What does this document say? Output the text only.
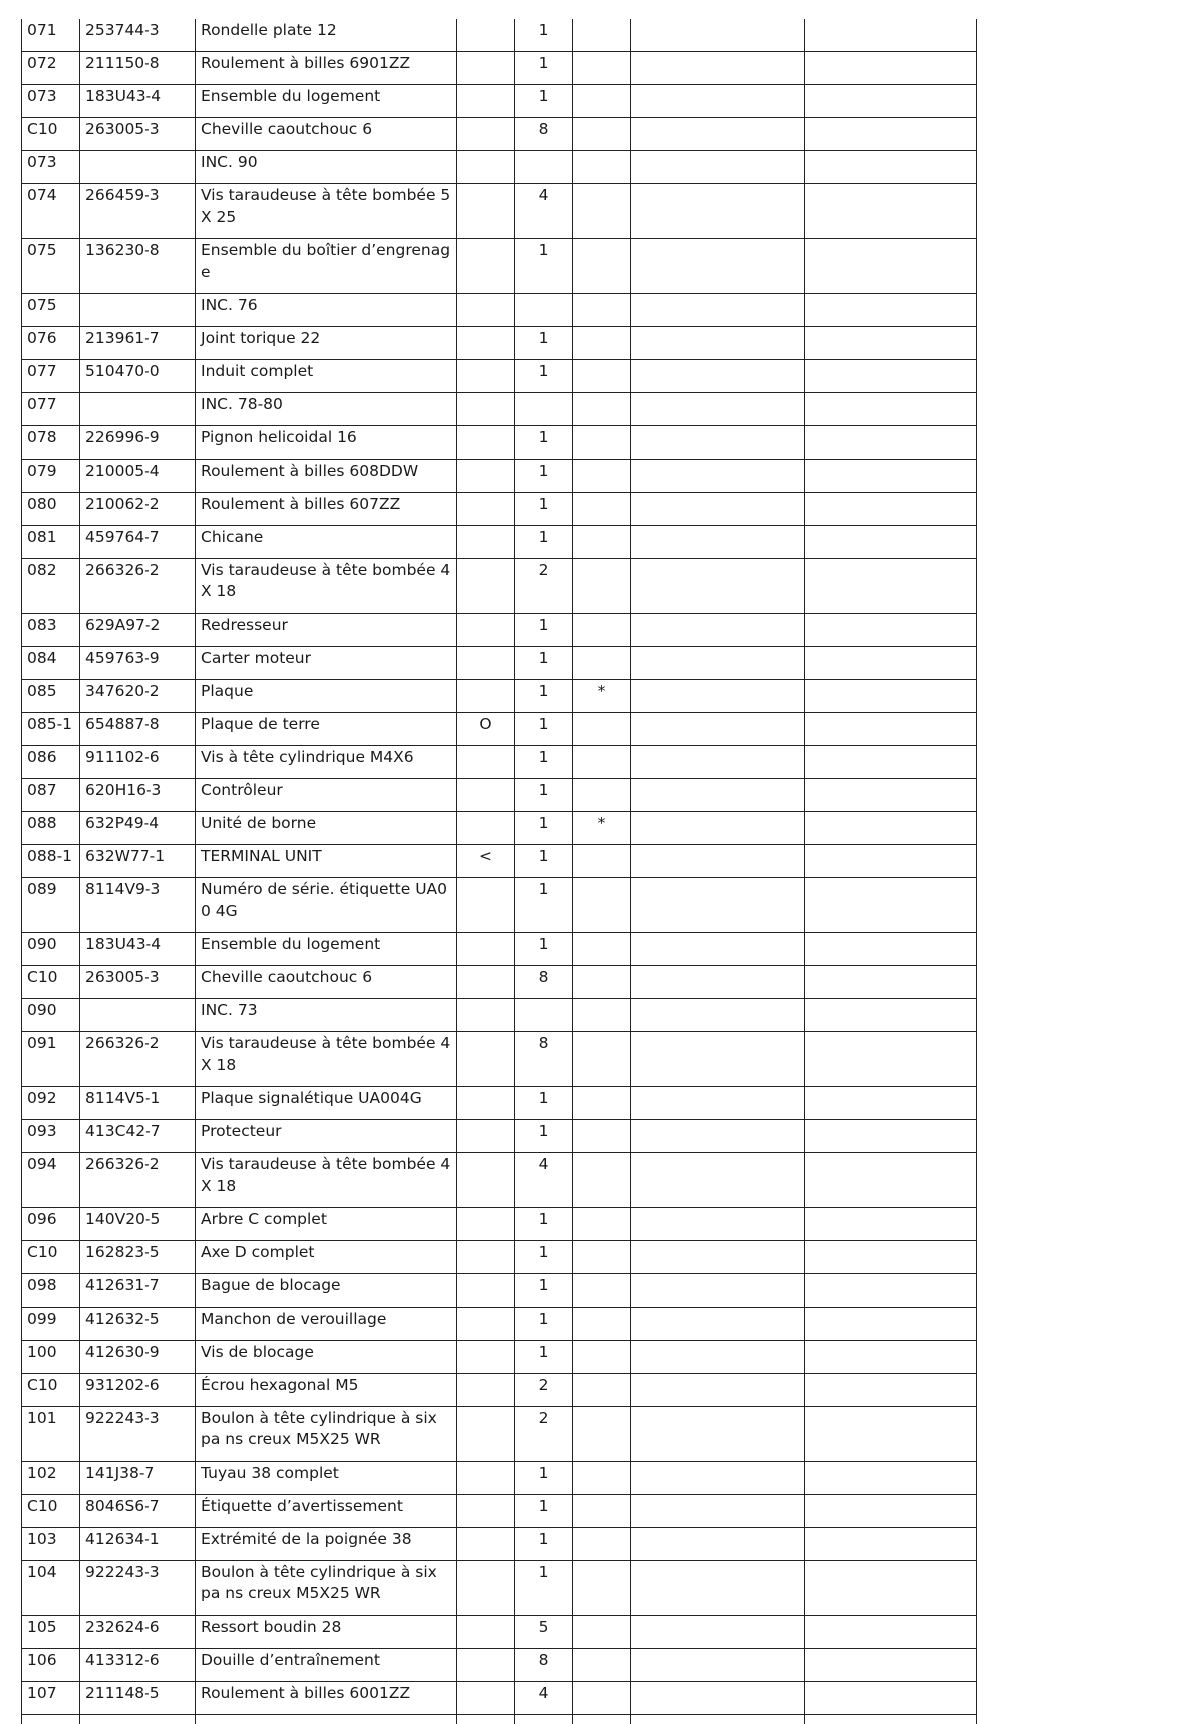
071	253744-3	Rondelle plate 12		1			
072	211150-8	Roulement à billes 6901ZZ		1			
073	183U43-4	Ensemble du logement		1			
C10	263005-3	Cheville caoutchouc 6		8			
073		INC. 90					
074	266459-3	Vis taraudeuse à tête bombée 5X 25		4			
075	136230-8	Ensemble du boîtier d’engrenag e		1			
075		INC. 76					
076	213961-7	Joint torique 22		1			
077	510470-0	Induit complet		1			
077		INC. 78-80					
078	226996-9	Pignon helicoidal 16		1			
079	210005-4	Roulement à billes 608DDW		1			
080	210062-2	Roulement à billes 607ZZ		1			
081	459764-7	Chicane		1			
082	266326-2	Vis taraudeuse à tête bombée 4X 18		2			
083	629A97-2	Redresseur		1			
084	459763-9	Carter moteur		1			
085	347620-2	Plaque		1	*		
085-1	654887-8	Plaque de terre	O	1			
086	911102-6	Vis à tête cylindrique M4X6		1			
087	620H16-3	Contrôleur		1			
088	632P49-4	Unité de borne		1	*		
088-1	632W77-1	TERMINAL UNIT	<	1			
089	8114V9-3	Numéro de série. étiquette UA00 4G		1			
090	183U43-4	Ensemble du logement		1			
C10	263005-3	Cheville caoutchouc 6		8			
090		INC. 73					
091	266326-2	Vis taraudeuse à tête bombée 4X 18		8			
092	8114V5-1	Plaque signalétique UA004G		1			
093	413C42-7	Protecteur		1			
094	266326-2	Vis taraudeuse à tête bombée 4X 18		4			
096	140V20-5	Arbre C complet		1			
C10	162823-5	Axe D complet		1			
098	412631-7	Bague de blocage		1			
099	412632-5	Manchon de verouillage		1			
100	412630-9	Vis de blocage		1			
C10	931202-6	Écrou hexagonal M5		2			
101	922243-3	Boulon à tête cylindrique à six pa ns creux M5X25 WR		2			
102	141J38-7	Tuyau 38 complet		1			
C10	8046S6-7	Étiquette d’avertissement		1			
103	412634-1	Extrémité de la poignée 38		1			
104	922243-3	Boulon à tête cylindrique à six pa ns creux M5X25 WR		1			
105	232624-6	Ressort boudin 28		5			
106	413312-6	Douille d’entraînement		8			
107	211148-5	Roulement à billes 6001ZZ		4			
